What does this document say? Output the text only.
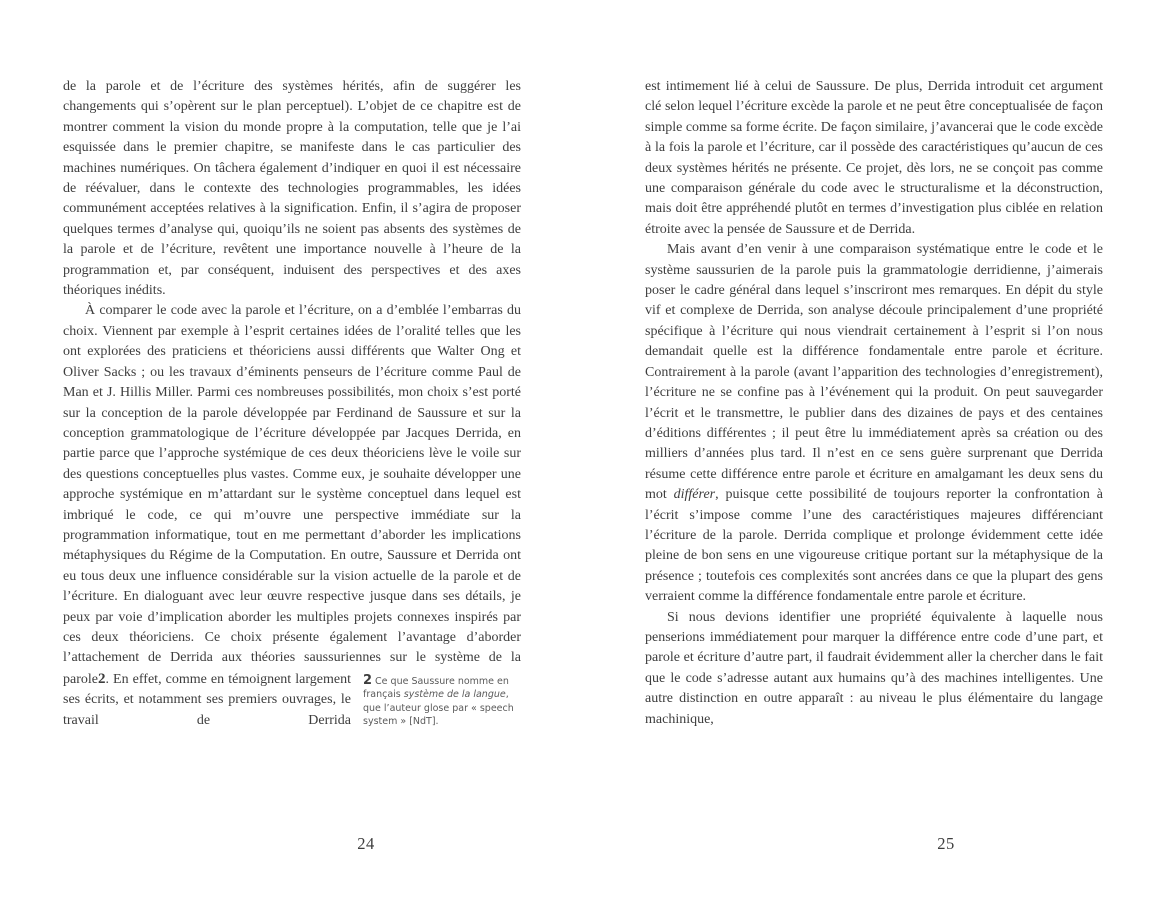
de la parole et de l’écriture des systèmes hérités, afin de suggérer les changements qui s’opèrent sur le plan perceptuel). L’objet de ce chapitre est de montrer comment la vision du monde propre à la computation, telle que je l’ai esquissée dans le premier chapitre, se manifeste dans le cas particulier des machines numériques. On tâchera également d’indiquer en quoi il est nécessaire de réévaluer, dans le contexte des technologies programmables, les idées communément acceptées relatives à la signification. Enfin, il s’agira de proposer quelques termes d’analyse qui, quoiqu’ils ne soient pas absents des systèmes de la parole et de l’écriture, revêtent une importance nouvelle à l’heure de la programmation et, par conséquent, induisent des perspectives et des axes théoriques inédits.

À comparer le code avec la parole et l’écriture, on a d’emblée l’embarras du choix. Viennent par exemple à l’esprit certaines idées de l’oralité telles que les ont explorées des praticiens et théoriciens aussi différents que Walter Ong et Oliver Sacks ; ou les travaux d’éminents penseurs de l’écriture comme Paul de Man et J. Hillis Miller. Parmi ces nombreuses possibilités, mon choix s’est porté sur la conception de la parole développée par Ferdinand de Saussure et sur la conception grammatologique de l’écriture développée par Jacques Derrida, en partie parce que l’approche systémique de ces deux théoriciens lève le voile sur des questions conceptuelles plus vastes. Comme eux, je souhaite développer une approche systémique en m’attardant sur le système conceptuel dans lequel est imbriqué le code, ce qui m’ouvre une perspective immédiate sur la programmation informatique, tout en me permettant d’aborder les implications métaphysiques du Régime de la Computation. En outre, Saussure et Derrida ont eu tous deux une influence considérable sur la vision actuelle de la parole et de l’écriture. En dialoguant avec leur œuvre respective jusque dans ses détails, je peux par voie d’implication aborder les multiples projets connexes inspirés par ces deux théoriciens. Ce choix présente également l’avantage d’aborder l’attachement de Derrida aux théories saussuriennes sur le système de la

parole2. En effet, comme en témoignent largement ses écrits, et notamment ses premiers ouvrages, le travail de Derrida

2 Ce que Saussure nomme en français système de la langue, que l’auteur glose par « speech system » [NdT].
24

est intimement lié à celui de Saussure. De plus, Derrida introduit cet argument clé selon lequel l’écriture excède la parole et ne peut être conceptualisée de façon simple comme sa forme écrite. De façon similaire, j’avancerai que le code excède à la fois la parole et l’écriture, car il possède des caractéristiques qu’aucun de ces deux systèmes hérités ne présente. Ce projet, dès lors, ne se conçoit pas comme une comparaison générale du code avec le structuralisme et la déconstruction, mais doit être appréhendé plutôt en termes d’investigation plus ciblée en relation étroite avec la pensée de Saussure et de Derrida.

Mais avant d’en venir à une comparaison systématique entre le code et le système saussurien de la parole puis la grammatologie derridienne, j’aimerais poser le cadre général dans lequel s’inscriront mes remarques. En dépit du style vif et complexe de Derrida, son analyse découle principalement d’une propriété spécifique à l’écriture qui nous viendrait certainement à l’esprit si l’on nous demandait quelle est la différence fondamentale entre parole et écriture. Contrairement à la parole (avant l’apparition des technologies d’enregistrement), l’écriture ne se confine pas à l’événement qui la produit. On peut sauvegarder l’écrit et le transmettre, le publier dans des dizaines de pays et des centaines d’éditions différentes ; il peut être lu immédiatement après sa création ou des milliers d’années plus tard. Il n’est en ce sens guère surprenant que Derrida résume cette différence entre parole et écriture en amalgamant les deux sens du mot différer, puisque cette possibilité de toujours reporter la confrontation à l’écrit s’impose comme l’une des caractéristiques majeures différenciant l’écriture de la parole. Derrida complique et prolonge évidemment cette idée pleine de bon sens en une vigoureuse critique portant sur la métaphysique de la présence ; toutefois ces complexités sont ancrées dans ce que la plupart des gens verraient comme la différence fondamentale entre parole et écriture.

Si nous devions identifier une propriété équivalente à laquelle nous penserions immédiatement pour marquer la différence entre code d’une part, et parole et écriture d’autre part, il faudrait évidemment aller la chercher dans le fait que le code s’adresse autant aux humains qu’à des machines intelligentes. Une autre distinction en outre apparaît : au niveau le plus élémentaire du langage machinique,

25
